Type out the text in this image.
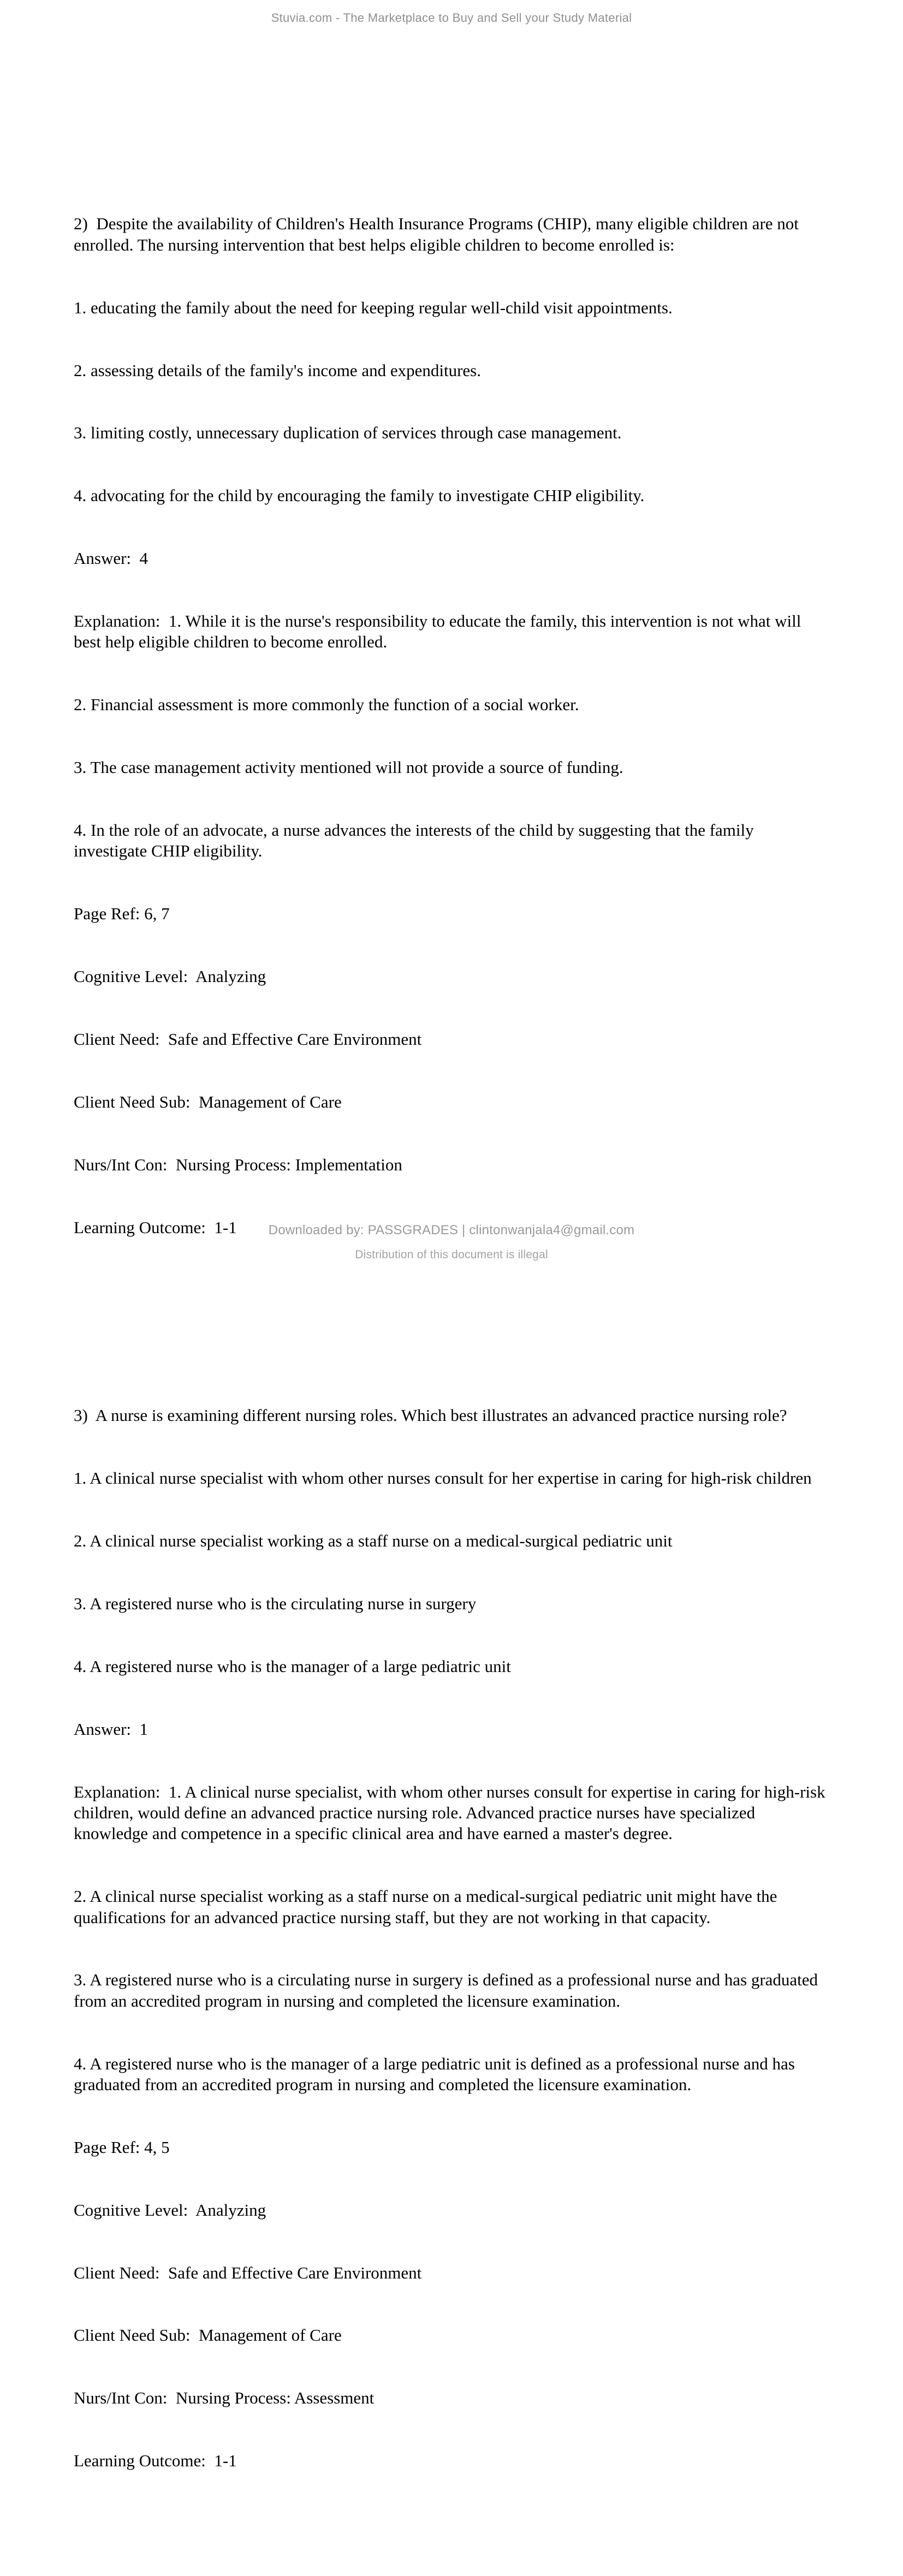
Stuvia.com - The Marketplace to Buy and Sell your Study Material

2)  Despite the availability of Children's Health Insurance Programs (CHIP), many eligible children are not enrolled. The nursing intervention that best helps eligible children to become enrolled is:

1. educating the family about the need for keeping regular well-child visit appointments.

2. assessing details of the family's income and expenditures.

3. limiting costly, unnecessary duplication of services through case management.

4. advocating for the child by encouraging the family to investigate CHIP eligibility.

Answer:  4

Explanation:  1. While it is the nurse's responsibility to educate the family, this intervention is not what will best help eligible children to become enrolled.

2. Financial assessment is more commonly the function of a social worker.

3. The case management activity mentioned will not provide a source of funding.

4. In the role of an advocate, a nurse advances the interests of the child by suggesting that the family investigate CHIP eligibility.

Page Ref: 6, 7

Cognitive Level:  Analyzing

Client Need:  Safe and Effective Care Environment

Client Need Sub:  Management of Care

Nurs/Int Con:  Nursing Process: Implementation

Learning Outcome:  1-1

3)  A nurse is examining different nursing roles. Which best illustrates an advanced practice nursing role?

1. A clinical nurse specialist with whom other nurses consult for her expertise in caring for high-risk children

2. A clinical nurse specialist working as a staff nurse on a medical-surgical pediatric unit

3. A registered nurse who is the circulating nurse in surgery

4. A registered nurse who is the manager of a large pediatric unit

Answer:  1

Explanation:  1. A clinical nurse specialist, with whom other nurses consult for expertise in caring for high-risk children, would define an advanced practice nursing role. Advanced practice nurses have specialized knowledge and competence in a specific clinical area and have earned a master's degree.

2. A clinical nurse specialist working as a staff nurse on a medical-surgical pediatric unit might have the qualifications for an advanced practice nursing staff, but they are not working in that capacity.

3. A registered nurse who is a circulating nurse in surgery is defined as a professional nurse and has graduated from an accredited program in nursing and completed the licensure examination.

4. A registered nurse who is the manager of a large pediatric unit is defined as a professional nurse and has graduated from an accredited program in nursing and completed the licensure examination.

Page Ref: 4, 5

Cognitive Level:  Analyzing

Client Need:  Safe and Effective Care Environment

Client Need Sub:  Management of Care

Nurs/Int Con:  Nursing Process: Assessment

Learning Outcome:  1-1

Downloaded by: PASSGRADES | clintonwanjala4@gmail.com
Distribution of this document is illegal
